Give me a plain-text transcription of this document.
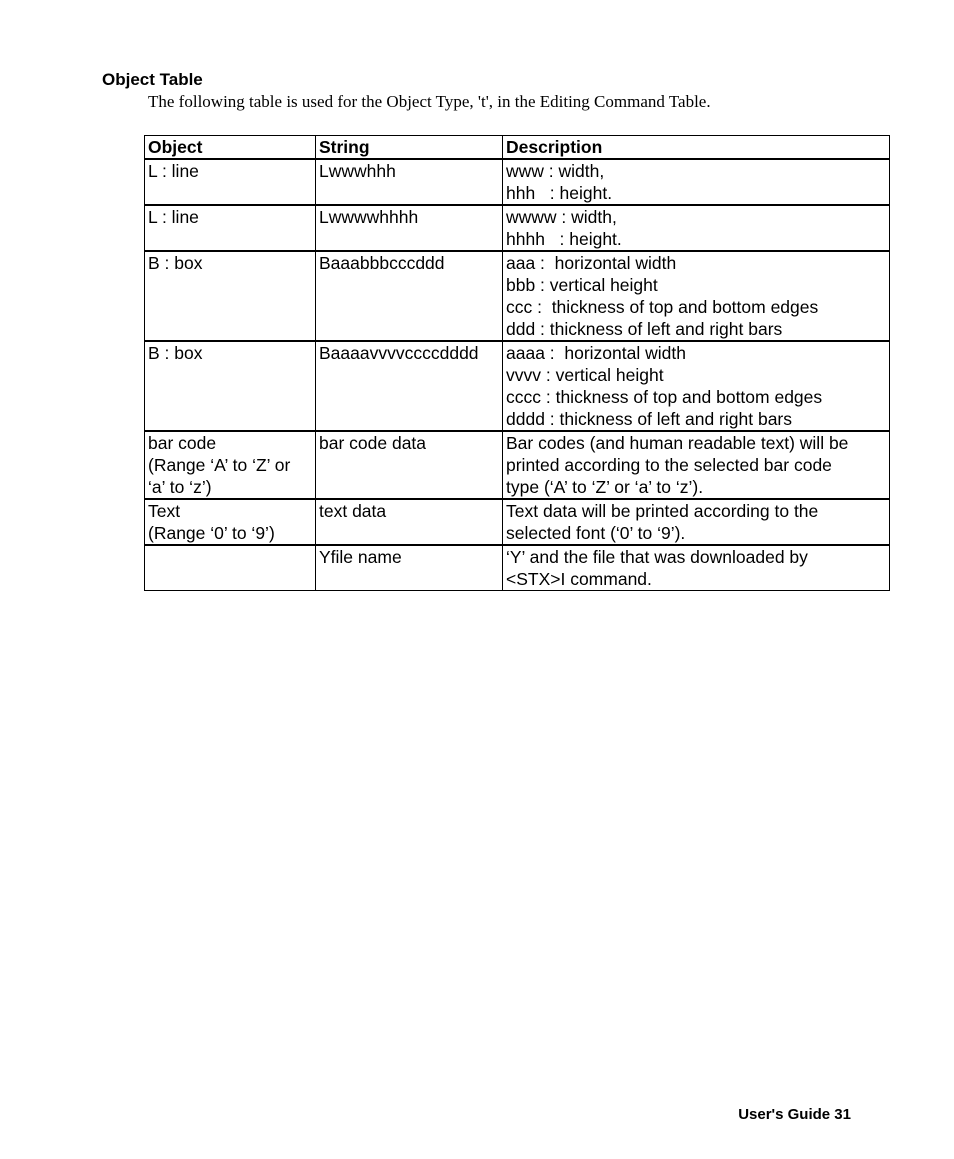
Object Table
The following table is used for the Object Type, 't', in the Editing Command Table.
Object	String	Description

L : line	Lwwwhhh	www : width,
hhh   : height.

L : line	Lwwwwhhhh	wwww : width,
hhhh   : height.

B : box	Baaabbbcccddd	aaa :  horizontal width
bbb : vertical height
ccc :  thickness of top and bottom edges
ddd : thickness of left and right bars

B : box	Baaaavvvvccccdddd	aaaa :  horizontal width
vvvv : vertical height
cccc : thickness of top and bottom edges
dddd : thickness of left and right bars

bar code
(Range ‘A’ to ‘Z’ or
‘a’ to ‘z’)	bar code data	Bar codes (and human readable text) will be
printed according to the selected bar code
type (‘A’ to ‘Z’ or ‘a’ to ‘z’).

Text
(Range ‘0’ to ‘9’)	text data	Text data will be printed according to the
selected font (‘0’ to ‘9’).

	Yfile name	‘Y’ and the file that was downloaded by
<STX>I command.
User's Guide 31
